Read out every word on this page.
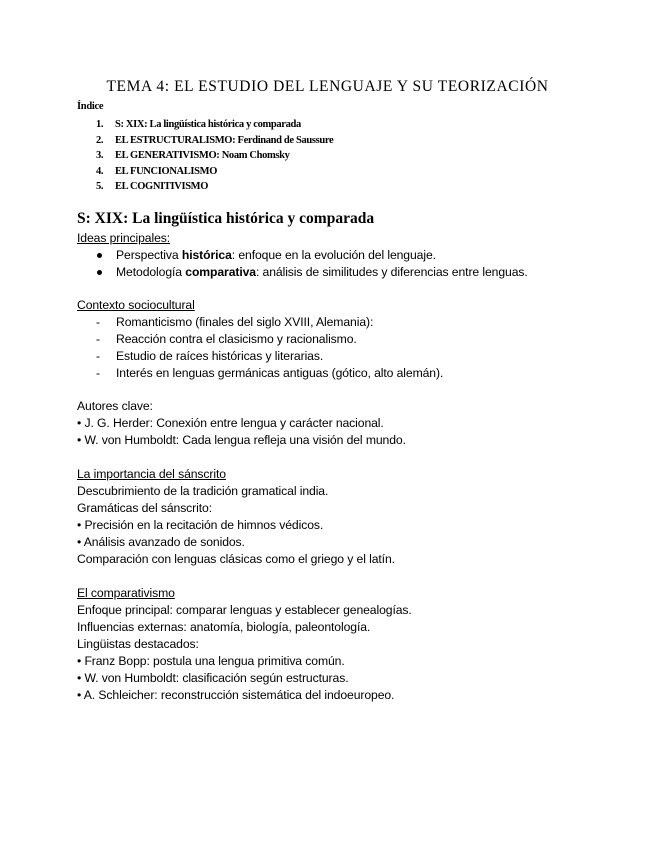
TEMA 4: EL ESTUDIO DEL LENGUAJE Y SU TEORIZACIÓN
Índice
1. S: XIX: La lingüística histórica y comparada
2. EL ESTRUCTURALISMO: Ferdinand de Saussure
3. EL GENERATIVISMO: Noam Chomsky
4. EL FUNCIONALISMO
5. EL COGNITIVISMO
S: XIX: La lingüística histórica y comparada
Ideas principales:
Perspectiva histórica: enfoque en la evolución del lenguaje.
Metodología comparativa: análisis de similitudes y diferencias entre lenguas.
Contexto sociocultural
- Romanticismo (finales del siglo XVIII, Alemania):
- Reacción contra el clasicismo y racionalismo.
- Estudio de raíces históricas y literarias.
- Interés en lenguas germánicas antiguas (gótico, alto alemán).
Autores clave:
• J. G. Herder: Conexión entre lengua y carácter nacional.
• W. von Humboldt: Cada lengua refleja una visión del mundo.
La importancia del sánscrito
Descubrimiento de la tradición gramatical india.
Gramáticas del sánscrito:
• Precisión en la recitación de himnos védicos.
• Análisis avanzado de sonidos.
Comparación con lenguas clásicas como el griego y el latín.
El comparativismo
Enfoque principal: comparar lenguas y establecer genealogías.
Influencias externas: anatomía, biología, paleontología.
Lingüistas destacados:
• Franz Bopp: postula una lengua primitiva común.
• W. von Humboldt: clasificación según estructuras.
• A. Schleicher: reconstrucción sistemática del indoeuropeo.
